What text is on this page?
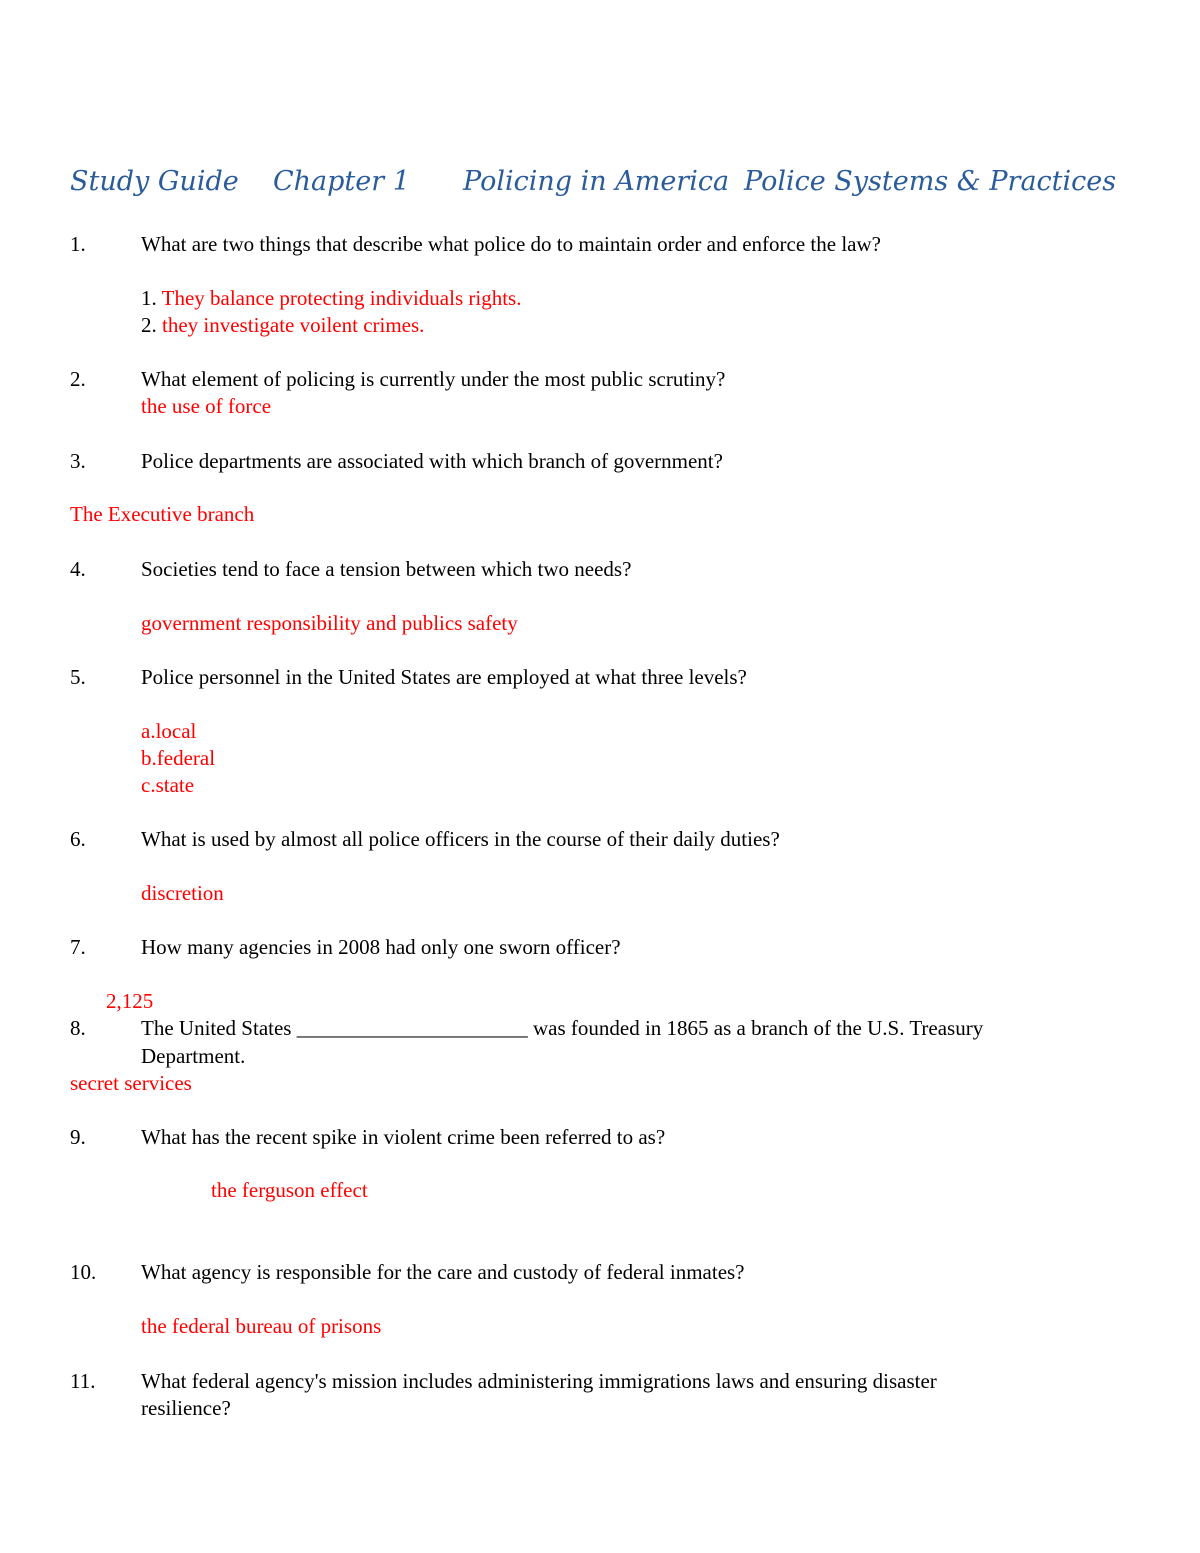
Study Guide Chapter 1 Policing in America Police Systems & Practices
1.	What are two things that describe what police do to maintain order and enforce the law?
1. They balance protecting individuals rights.
2. they investigate voilent crimes.
2.	What element of policing is currently under the most public scrutiny?
the use of force
3.	Police departments are associated with which branch of government?
The Executive branch
4.	Societies tend to face a tension between which two needs?
government responsibility and publics safety
5.	Police personnel in the United States are employed at what three levels?
a.local
b.federal
c.state
6.	What is used by almost all police officers in the course of their daily duties?
discretion
7.	How many agencies in 2008 had only one sworn officer?
2,125
8.	The United States ______________________ was founded in 1865 as a branch of the U.S. Treasury
Department.
secret services
9.	What has the recent spike in violent crime been referred to as?
the ferguson effect
10. What agency is responsible for the care and custody of federal inmates?
the federal bureau of prisons
11. What federal agency's mission includes administering immigrations laws and ensuring disaster
resilience?
